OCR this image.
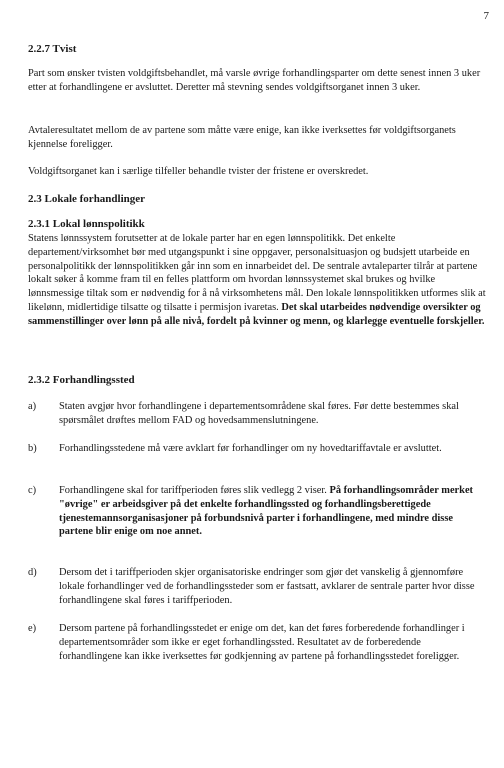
7
2.2.7 Tvist

Part som ønsker tvisten voldgiftsbehandlet, må varsle øvrige forhandlingsparter om dette senest innen 3 uker etter at forhandlingene er avsluttet. Deretter må stevning sendes voldgiftsorganet innen 3 uker.

Avtaleresultatet mellom de av partene som måtte være enige, kan ikke iverksettes før voldgiftsorganets kjennelse foreligger.

Voldgiftsorganet kan i særlige tilfeller behandle tvister der fristene er overskredet.

2.3 Lokale forhandlinger
2.3.1 Lokal lønnspolitikk

Statens lønnssystem forutsetter at de lokale parter har en egen lønnspolitikk. Det enkelte departement/virksomhet bør med utgangspunkt i sine oppgaver, personalsituasjon og budsjett utarbeide en personalpolitikk der lønnspolitikken går inn som en innarbeidet del. De sentrale avtaleparter tilrår at partene lokalt søker å komme fram til en felles plattform om hvordan lønnssystemet skal brukes og hvilke lønnsmessige tiltak som er nødvendig for å nå virksomhetens mål. Den lokale lønnspolitikken utformes slik at likelønn, midlertidige tilsatte og tilsatte i permisjon ivaretas. Det skal utarbeides nødvendige oversikter og sammenstillinger over lønn på alle nivå, fordelt på kvinner og menn, og klarlegge eventuelle forskjeller.

2.3.2 Forhandlingssted
a) Staten avgjør hvor forhandlingene i departementsområdene skal føres. Før dette bestemmes skal spørsmålet drøftes mellom FAD og hovedsammenslutningene.
b) Forhandlingsstedene må være avklart før forhandlinger om ny hovedtariffavtale er avsluttet.
c) Forhandlingene skal for tariffperioden føres slik vedlegg 2 viser. På forhandlingsområder merket "øvrige" er arbeidsgiver på det enkelte forhandlingssted og forhandlingsberettigede tjenestemannsorganisasjoner på forbundsnivå parter i forhandlingene, med mindre disse partene blir enige om noe annet.
d) Dersom det i tariffperioden skjer organisatoriske endringer som gjør det vanskelig å gjennomføre lokale forhandlinger ved de forhandlingssteder som er fastsatt, avklarer de sentrale parter hvor disse forhandlingene skal føres i tariffperioden.
e) Dersom partene på forhandlingsstedet er enige om det, kan det føres forberedende forhandlinger i departementsområder som ikke er eget forhandlingssted. Resultatet av de forberedende forhandlingene kan ikke iverksettes før godkjenning av partene på forhandlingsstedet foreligger.
